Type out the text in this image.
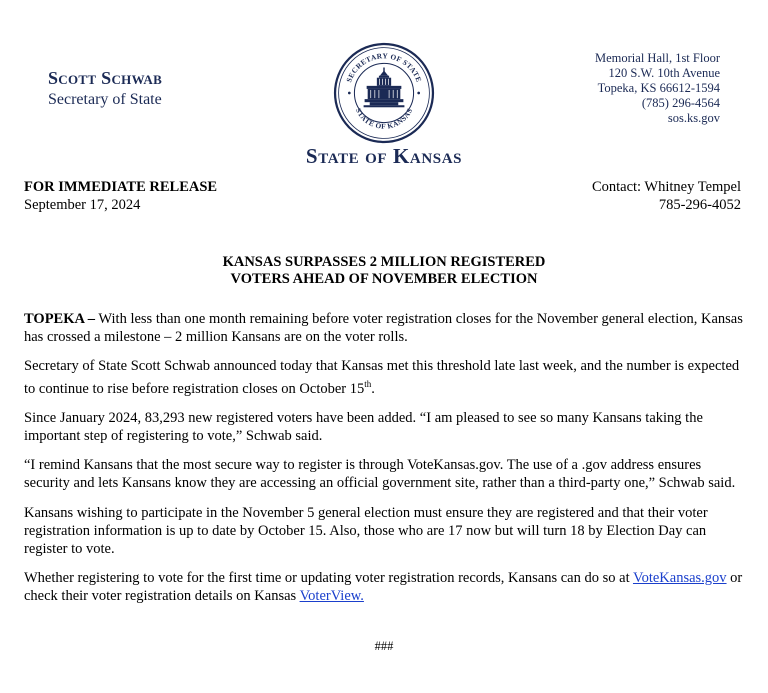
Scott Schwab
Secretary of State
SECRETARY OF STATE
STATE OF KANSAS
State of Kansas
Memorial Hall, 1st Floor
120 S.W. 10th Avenue
Topeka, KS 66612-1594
(785) 296-4564
sos.ks.gov
FOR IMMEDIATE RELEASE
September 17, 2024
Contact: Whitney Tempel
785-296-4052
KANSAS SURPASSES 2 MILLION REGISTERED
VOTERS AHEAD OF NOVEMBER ELECTION

TOPEKA – With less than one month remaining before voter registration closes for the November general election, Kansas has crossed a milestone – 2 million Kansans are on the voter rolls.

Secretary of State Scott Schwab announced today that Kansas met this threshold late last week, and the number is expected to continue to rise before registration closes on October 15th.

Since January 2024, 83,293 new registered voters have been added. “I am pleased to see so many Kansans taking the important step of registering to vote,” Schwab said.

“I remind Kansans that the most secure way to register is through VoteKansas.gov. The use of a .gov address ensures security and lets Kansans know they are accessing an official government site, rather than a third-party one,” Schwab said.

Kansans wishing to participate in the November 5 general election must ensure they are registered and that their voter registration information is up to date by October 15. Also, those who are 17 now but will turn 18 by Election Day can register to vote.

Whether registering to vote for the first time or updating voter registration records, Kansans can do so at VoteKansas.gov or check their voter registration details on Kansas VoterView.

###
